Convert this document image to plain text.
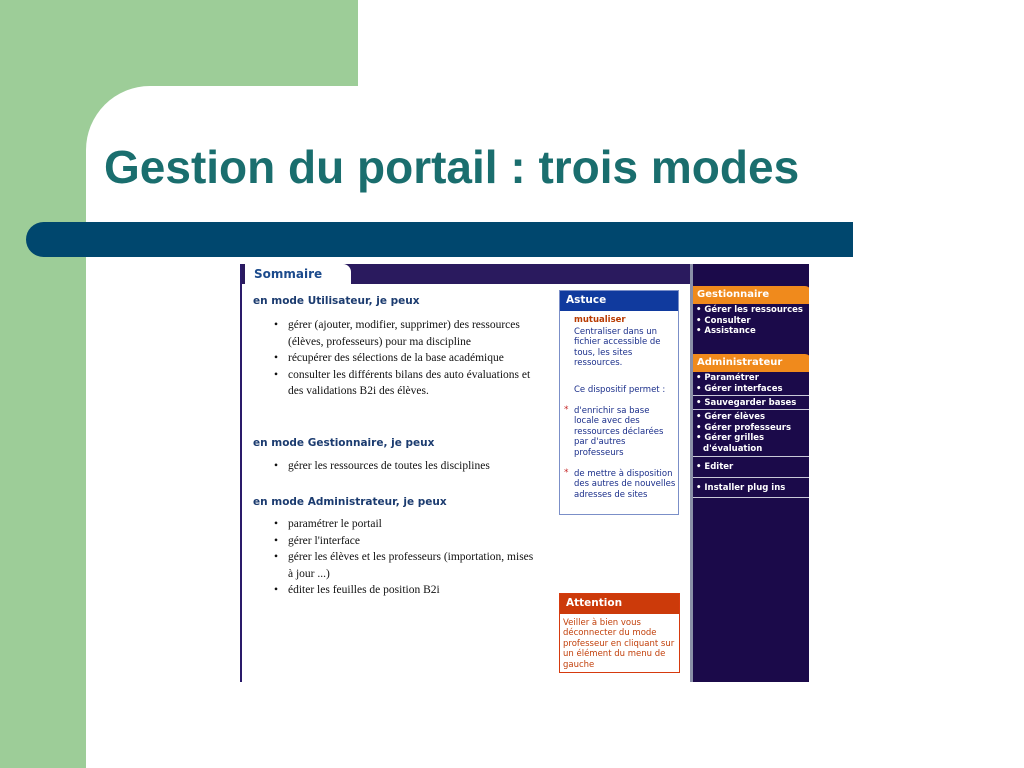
Gestion du portail : trois modes
Sommaire

en mode Utilisateur, je peux

• gérer (ajouter, modifier, supprimer) des ressources (élèves, professeurs) pour ma discipline
• récupérer des sélections de la base académique
• consulter les différents bilans des auto évaluations et des validations B2i des élèves.

en mode Gestionnaire, je peux

• gérer les ressources de toutes les disciplines

en mode Administrateur, je peux

• paramétrer le portail
• gérer l'interface
• gérer les élèves et les professeurs (importation, mises à jour ...)
• éditer les feuilles de position B2i
Astuce
mutualiser

Centraliser dans un fichier accessible de tous, les sites ressources.

Ce dispositif permet :

* d'enrichir sa base locale avec des ressources déclarées par d'autres professeurs

* de mettre à disposition des autres de nouvelles adresses de sites

Attention

Veiller à bien vous déconnecter du mode professeur en cliquant sur un élément du menu de gauche

Gestionnaire
• Gérer les ressources
• Consulter
• Assistance
Administrateur
• Paramétrer
• Gérer interfaces
• Sauvegarder bases
• Gérer élèves
• Gérer professeurs
• Gérer grilles
d'évaluation
• Editer
• Installer plug ins
